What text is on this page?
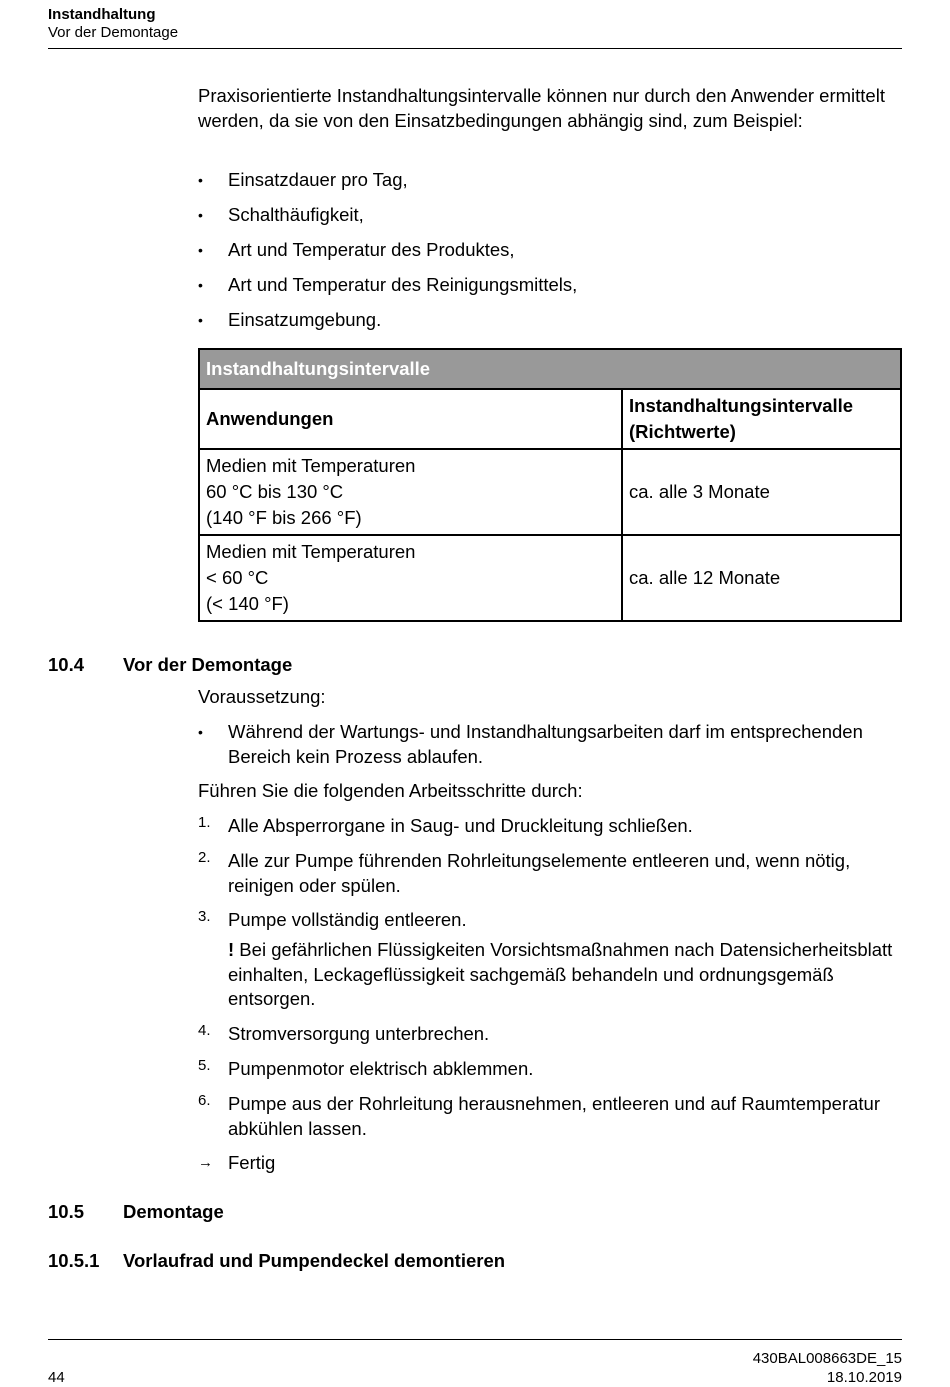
Instandhaltung
Vor der Demontage
Praxisorientierte Instandhaltungsintervalle können nur durch den Anwender ermittelt werden, da sie von den Einsatzbedingungen abhängig sind, zum Beispiel:
• Einsatzdauer pro Tag,
• Schalthäufigkeit,
• Art und Temperatur des Produktes,
• Art und Temperatur des Reinigungsmittels,
• Einsatzumgebung.
Instandhaltungsintervalle	
Anwendungen	Instandhaltungsintervalle
(Richtwerte)
Medien mit Temperaturen
60 °C bis 130 °C
(140 °F bis 266 °F)	ca. alle 3 Monate
Medien mit Temperaturen
< 60 °C
(< 140 °F)	ca. alle 12 Monate
10.4 Vor der Demontage
Voraussetzung:
• Während der Wartungs- und Instandhaltungsarbeiten darf im entsprechenden Bereich kein Prozess ablaufen.
Führen Sie die folgenden Arbeitsschritte durch:
1. Alle Absperrorgane in Saug- und Druckleitung schließen.
2. Alle zur Pumpe führenden Rohrleitungselemente entleeren und, wenn nötig, reinigen oder spülen.
3. Pumpe vollständig entleeren.
! Bei gefährlichen Flüssigkeiten Vorsichtsmaßnahmen nach Datensicherheitsblatt einhalten, Leckageflüssigkeit sachgemäß behandeln und ordnungsgemäß entsorgen.
4. Stromversorgung unterbrechen.
5. Pumpenmotor elektrisch abklemmen.
6. Pumpe aus der Rohrleitung herausnehmen, entleeren und auf Raumtemperatur abkühlen lassen.
→ Fertig
10.5 Demontage
10.5.1 Vorlaufrad und Pumpendeckel demontieren
44
430BAL008663DE_15
18.10.2019
